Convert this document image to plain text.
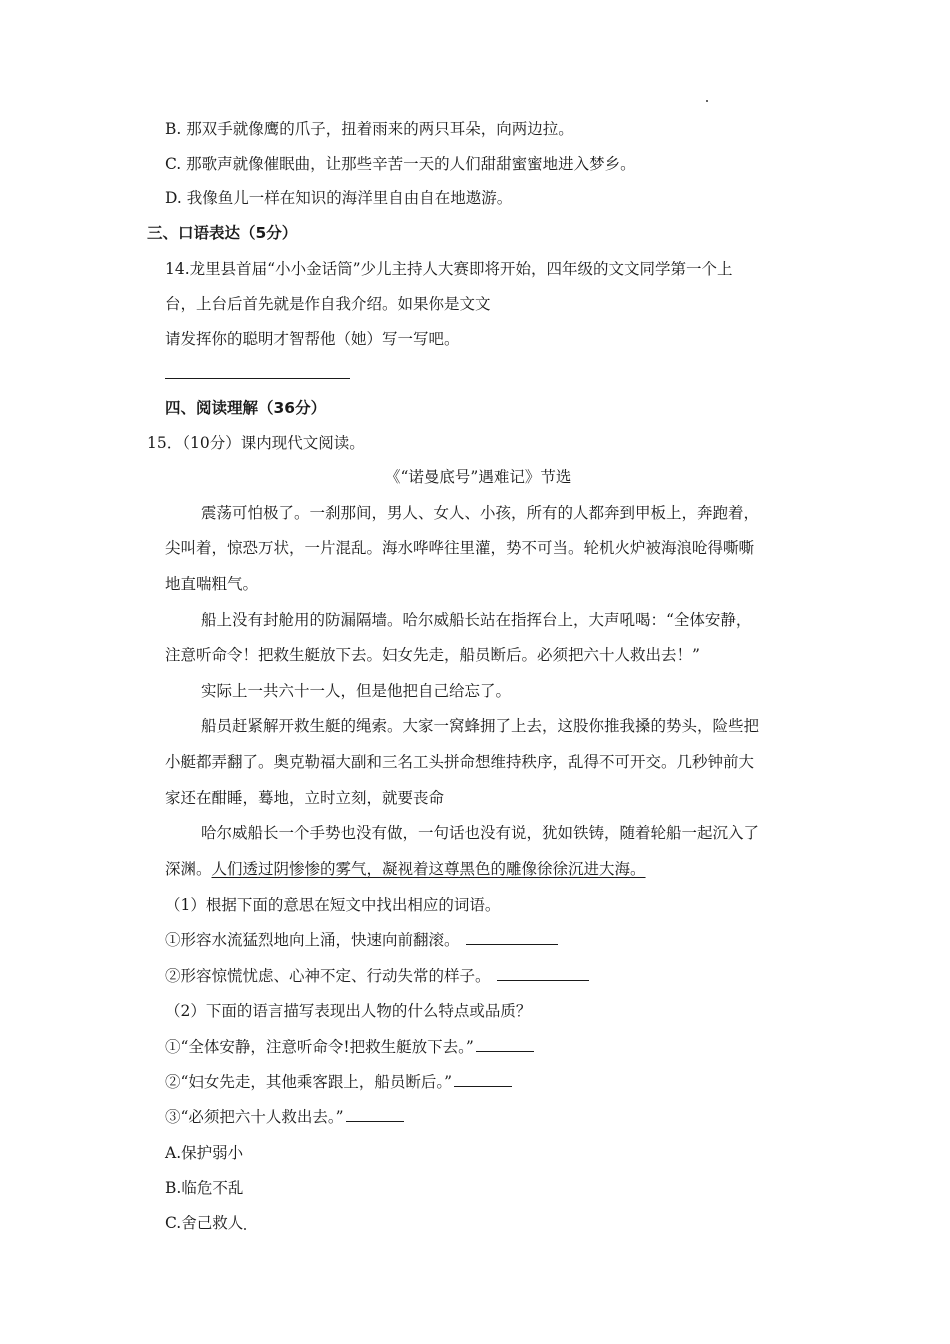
B. 那双手就像鹰的爪子，扭着雨来的两只耳朵，向两边拉。
C. 那歌声就像催眠曲，让那些辛苦一天的人们甜甜蜜蜜地进入梦乡。
D. 我像鱼儿一样在知识的海洋里自由自在地遨游。
三、口语表达（5分）
14.龙里县首届“小小金话筒”少儿主持人大赛即将开始，四年级的文文同学第一个上
台，上台后首先就是作自我介绍。如果你是文文
请发挥你的聪明才智帮他（她）写一写吧。
四、阅读理解（36分）
15．（10分）课内现代文阅读。
《“诺曼底号”遇难记》节选
震荡可怕极了。一刹那间，男人、女人、小孩，所有的人都奔到甲板上，奔跑着，
尖叫着，惊恐万状，一片混乱。海水哗哗往里灌，势不可当。轮机火炉被海浪呛得嘶嘶
地直喘粗气。
船上没有封舱用的防漏隔墙。哈尔威船长站在指挥台上，大声吼喝：“全体安静，
注意听命令！把救生艇放下去。妇女先走，船员断后。必须把六十人救出去！”
实际上一共六十一人，但是他把自己给忘了。
船员赶紧解开救生艇的绳索。大家一窝蜂拥了上去，这股你推我搡的势头，险些把
小艇都弄翻了。奥克勒福大副和三名工头拼命想维持秩序，乱得不可开交。几秒钟前大
家还在酣睡，蓦地，立时立刻，就要丧命
哈尔威船长一个手势也没有做，一句话也没有说，犹如铁铸，随着轮船一起沉入了
深渊。人们透过阴惨惨的雾气，凝视着这尊黑色的雕像徐徐沉进大海。
（1）根据下面的意思在短文中找出相应的词语。
①形容水流猛烈地向上涌，快速向前翻滚。
②形容惊慌忧虑、心神不定、行动失常的样子。
（2）下面的语言描写表现出人物的什么特点或品质？
①“全体安静，注意听命令!把救生艇放下去。”
②“妇女先走，其他乘客跟上，船员断后。”
③“必须把六十人救出去。”
A.保护弱小
B.临危不乱
C.舍己救人
